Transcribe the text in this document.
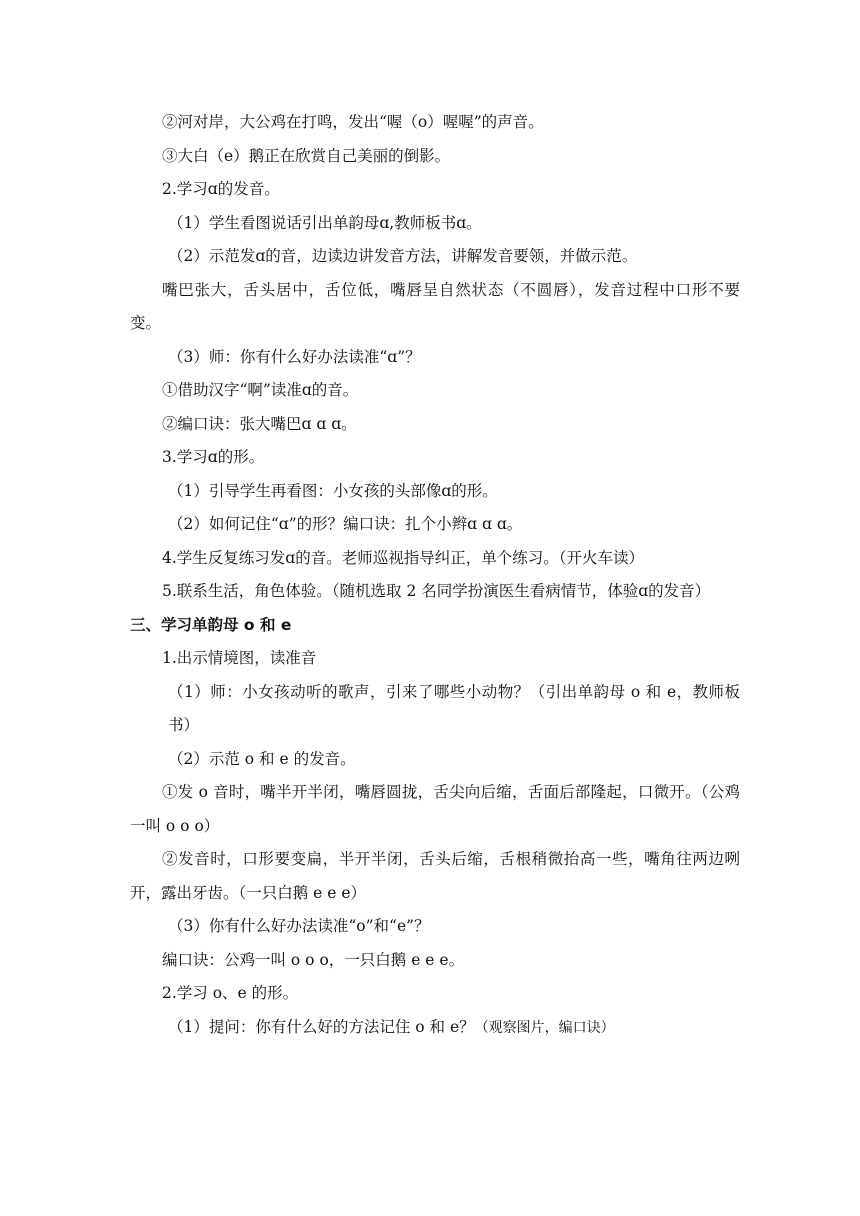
②河对岸，大公鸡在打鸣，发出“喔（o）喔喔”的声音。

③大白（e）鹅正在欣赏自己美丽的倒影。

2.学习ɑ的发音。

（1）学生看图说话引出单韵母ɑ,教师板书ɑ。

（2）示范发ɑ的音，边读边讲发音方法，讲解发音要领，并做示范。

嘴巴张大，舌头居中，舌位低，嘴唇呈自然状态（不圆唇），发音过程中口形不要变。

（3）师：你有什么好办法读准“ɑ”？

①借助汉字“啊”读准ɑ的音。

②编口诀：张大嘴巴ɑ ɑ ɑ。

3.学习ɑ的形。

（1）引导学生再看图：小女孩的头部像ɑ的形。

（2）如何记住“ɑ”的形？编口诀：扎个小辫ɑ ɑ ɑ。

4.学生反复练习发ɑ的音。老师巡视指导纠正，单个练习。（开火车读）

5.联系生活，角色体验。（随机选取 2 名同学扮演医生看病情节，体验ɑ的发音）

三、学习单韵母 o 和 e

1.出示情境图，读准音

（1）师：小女孩动听的歌声，引来了哪些小动物？（引出单韵母 o 和 e，教师板书）

（2）示范 o 和 e 的发音。

①发 o 音时，嘴半开半闭，嘴唇圆拢，舌尖向后缩，舌面后部隆起，口微开。（公鸡一叫 o o o）

②发音时，口形要变扁，半开半闭，舌头后缩，舌根稍微抬高一些，嘴角往两边咧开，露出牙齿。（一只白鹅 e e e）

（3）你有什么好办法读准“o”和“e”？

编口诀：公鸡一叫 o o o，一只白鹅 e e e。

2.学习 o、e 的形。

（1）提问：你有什么好的方法记住 o 和 e？（观察图片，编口诀）
